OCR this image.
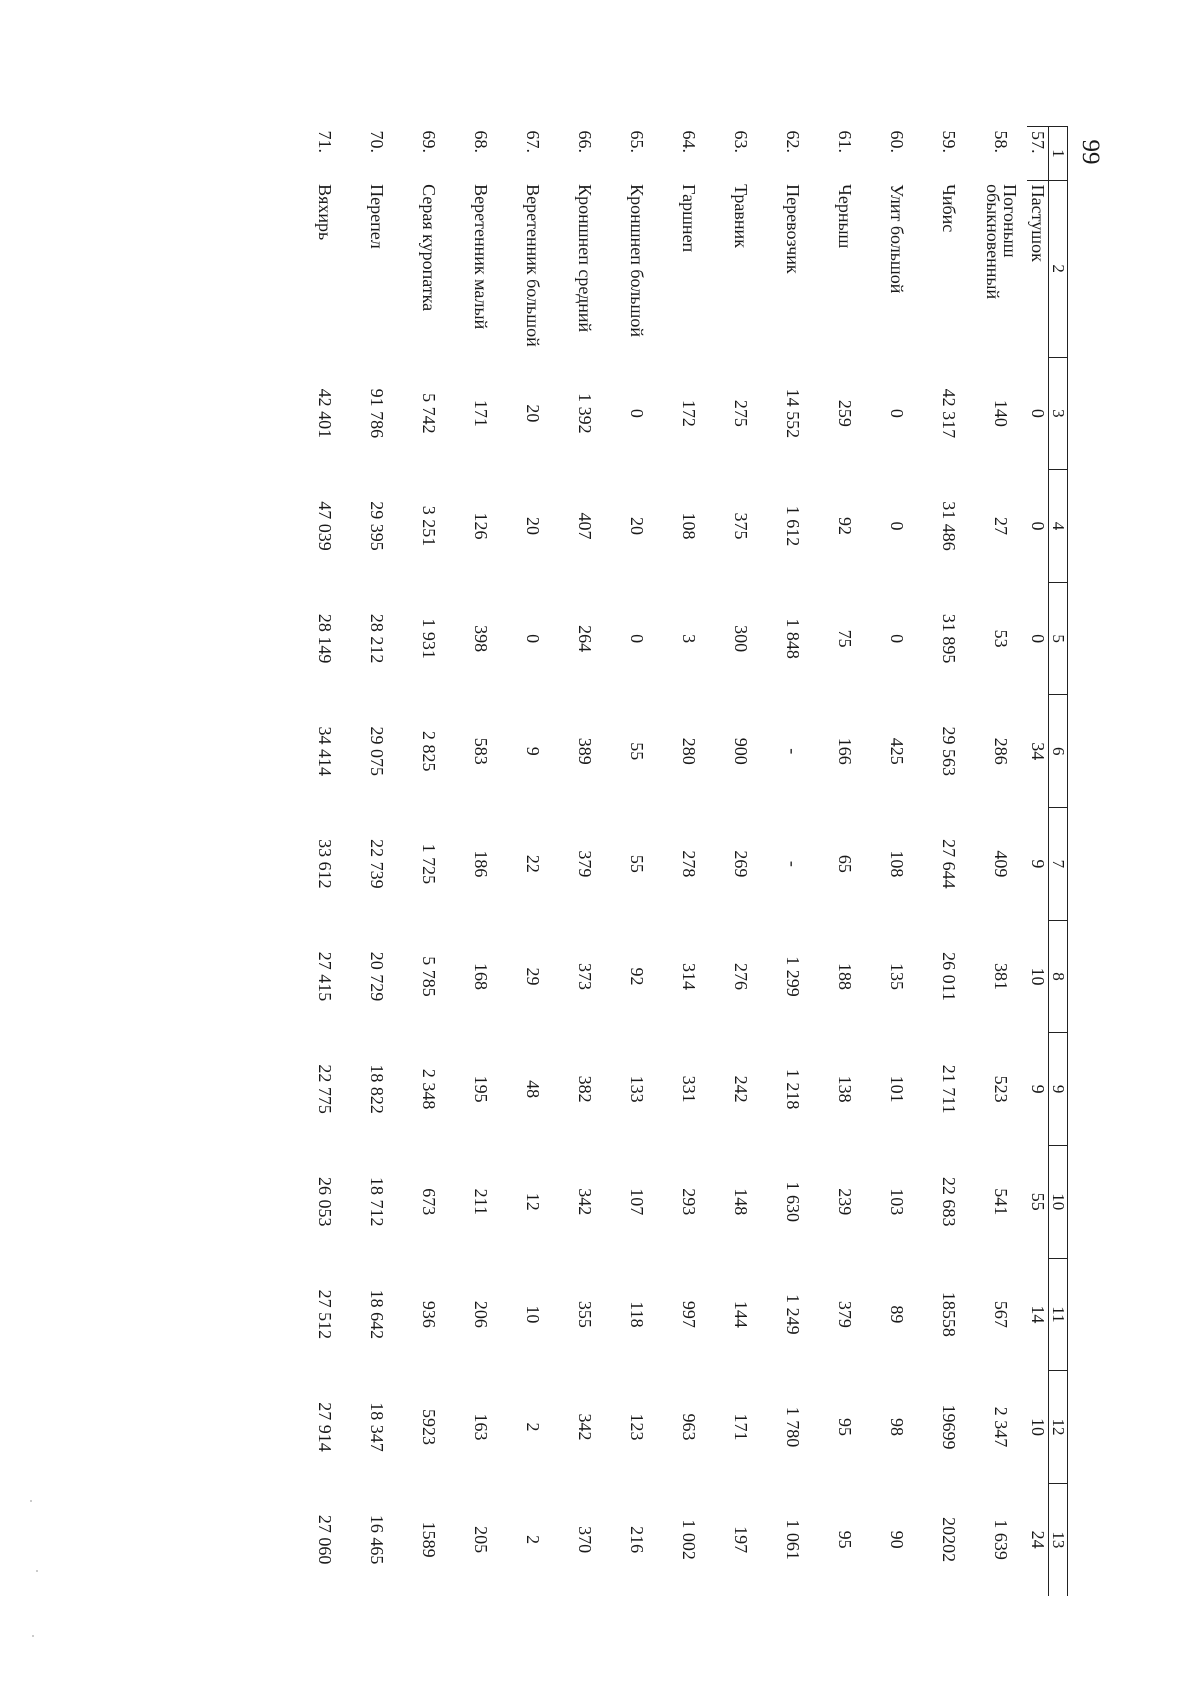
99
1	2	3	4	5	6	7	8	9	10	11	12	13
57.	Пастушок	0	0	0	34	9	10	9	55	14	10	24
58.	Погоныш обыкновенный	140	27	53	286	409	381	523	541	567	2 347	1 639
59.	Чибис	42 317	31 486	31 895	29 563	27 644	26 011	21 711	22 683	18558	19699	20202
60.	Улит большой	0	0	0	425	108	135	101	103	89	98	90
61.	Черныш	259	92	75	166	65	188	138	239	379	95	95
62.	Перевозчик	14 552	1 612	1 848	-	-	1 299	1 218	1 630	1 249	1 780	1 061
63.	Травник	275	375	300	900	269	276	242	148	144	171	197
64.	Гаршнеп	172	108	3	280	278	314	331	293	997	963	1 002
65.	Кроншнеп большой	0	20	0	55	55	92	133	107	118	123	216
66.	Кроншнеп средний	1 392	407	264	389	379	373	382	342	355	342	370
67.	Веретенник большой	20	20	0	9	22	29	48	12	10	2	2
68.	Веретенник малый	171	126	398	583	186	168	195	211	206	163	205
69.	Серая куропатка	5 742	3 251	1 931	2 825	1 725	5 785	2 348	673	936	5923	1589
70.	Перепел	91 786	29 395	28 212	29 075	22 739	20 729	18 822	18 712	18 642	18 347	16 465
71.	Вяхирь	42 401	47 039	28 149	34 414	33 612	27 415	22 775	26 053	27 512	27 914	27 060
